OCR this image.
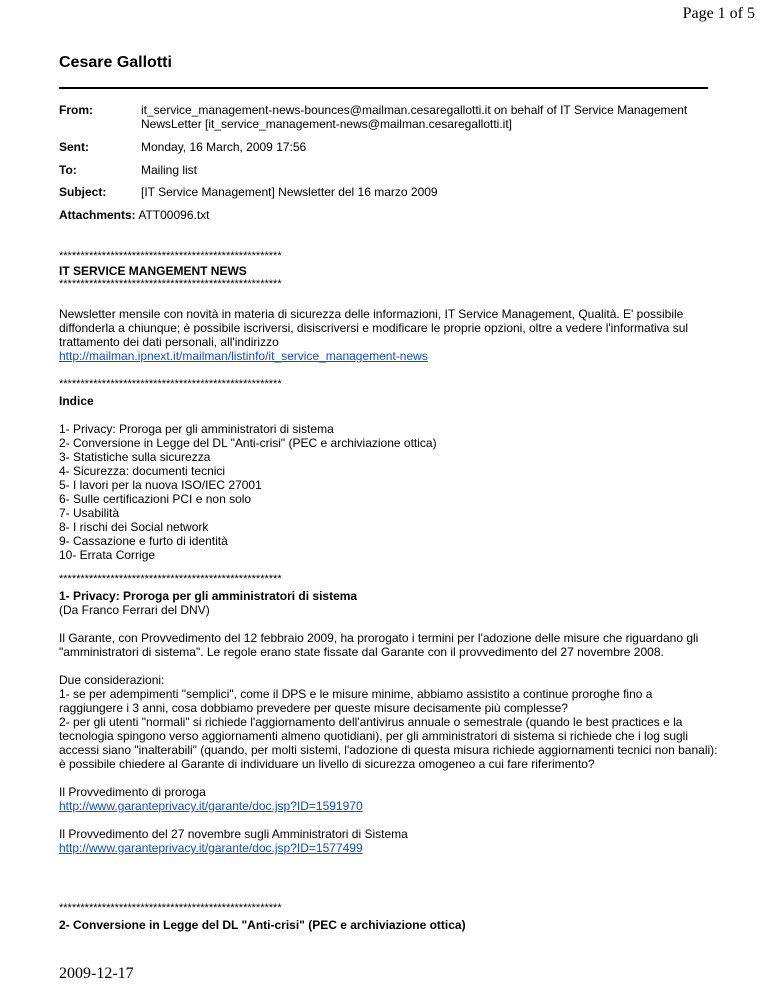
Page 1 of 5
Cesare Gallotti
From:	it_service_management-news-bounces@mailman.cesaregallotti.it on behalf of IT Service Management NewsLetter [it_service_management-news@mailman.cesaregallotti.it]
Sent:	Monday, 16 March, 2009 17:56
To:	Mailing list
Subject:	[IT Service Management] Newsletter del 16 marzo 2009
Attachments: ATT00096.txt
****************************************************
IT SERVICE MANGEMENT NEWS
****************************************************

Newsletter mensile con novità in materia di sicurezza delle informazioni, IT Service Management, Qualità. E' possibile diffonderla a chiunque; è possibile iscriversi, disiscriversi e modificare le proprie opzioni, oltre a vedere l'informativa sul trattamento dei dati personali, all'indirizzo

http://mailman.ipnext.it/mailman/listinfo/it_service_management-news
****************************************************
Indice
1- Privacy: Proroga per gli amministratori di sistema
2- Conversione in Legge del DL "Anti-crisi" (PEC e archiviazione ottica)
3- Statistiche sulla sicurezza
4- Sicurezza: documenti tecnici
5- I lavori per la nuova ISO/IEC 27001
6- Sulle certificazioni PCI e non solo
7- Usabilità
8- I rischi dei Social network
9- Cassazione e furto di identità
10- Errata Corrige
****************************************************
1- Privacy: Proroga per gli amministratori di sistema
(Da Franco Ferrari del DNV)

Il Garante, con Provvedimento del 12 febbraio 2009, ha prorogato i termini per l'adozione delle misure che riguardano gli "amministratori di sistema". Le regole erano state fissate dal Garante con il provvedimento del 27 novembre 2008.

Due considerazioni:
1- se per adempimenti "semplici", come il DPS e le misure minime, abbiamo assistito a continue proroghe fino a raggiungere i 3 anni, cosa dobbiamo prevedere per queste misure decisamente più complesse?
2- per gli utenti "normali" si richiede l'aggiornamento dell'antivirus annuale o semestrale (quando le best practices e la tecnologia spingono verso aggiornamenti almeno quotidiani), per gli amministratori di sistema si richiede che i log sugli accessi siano "inalterabili" (quando, per molti sistemi, l'adozione di questa misura richiede aggiornamenti tecnici non banali): è possibile chiedere al Garante di individuare un livello di sicurezza omogeneo a cui fare riferimento?
Il Provvedimento di proroga
http://www.garanteprivacy.it/garante/doc.jsp?ID=1591970
Il Provvedimento del 27 novembre sugli Amministratori di Sistema
http://www.garanteprivacy.it/garante/doc.jsp?ID=1577499
****************************************************
2- Conversione in Legge del DL "Anti-crisi" (PEC e archiviazione ottica)
2009-12-17
